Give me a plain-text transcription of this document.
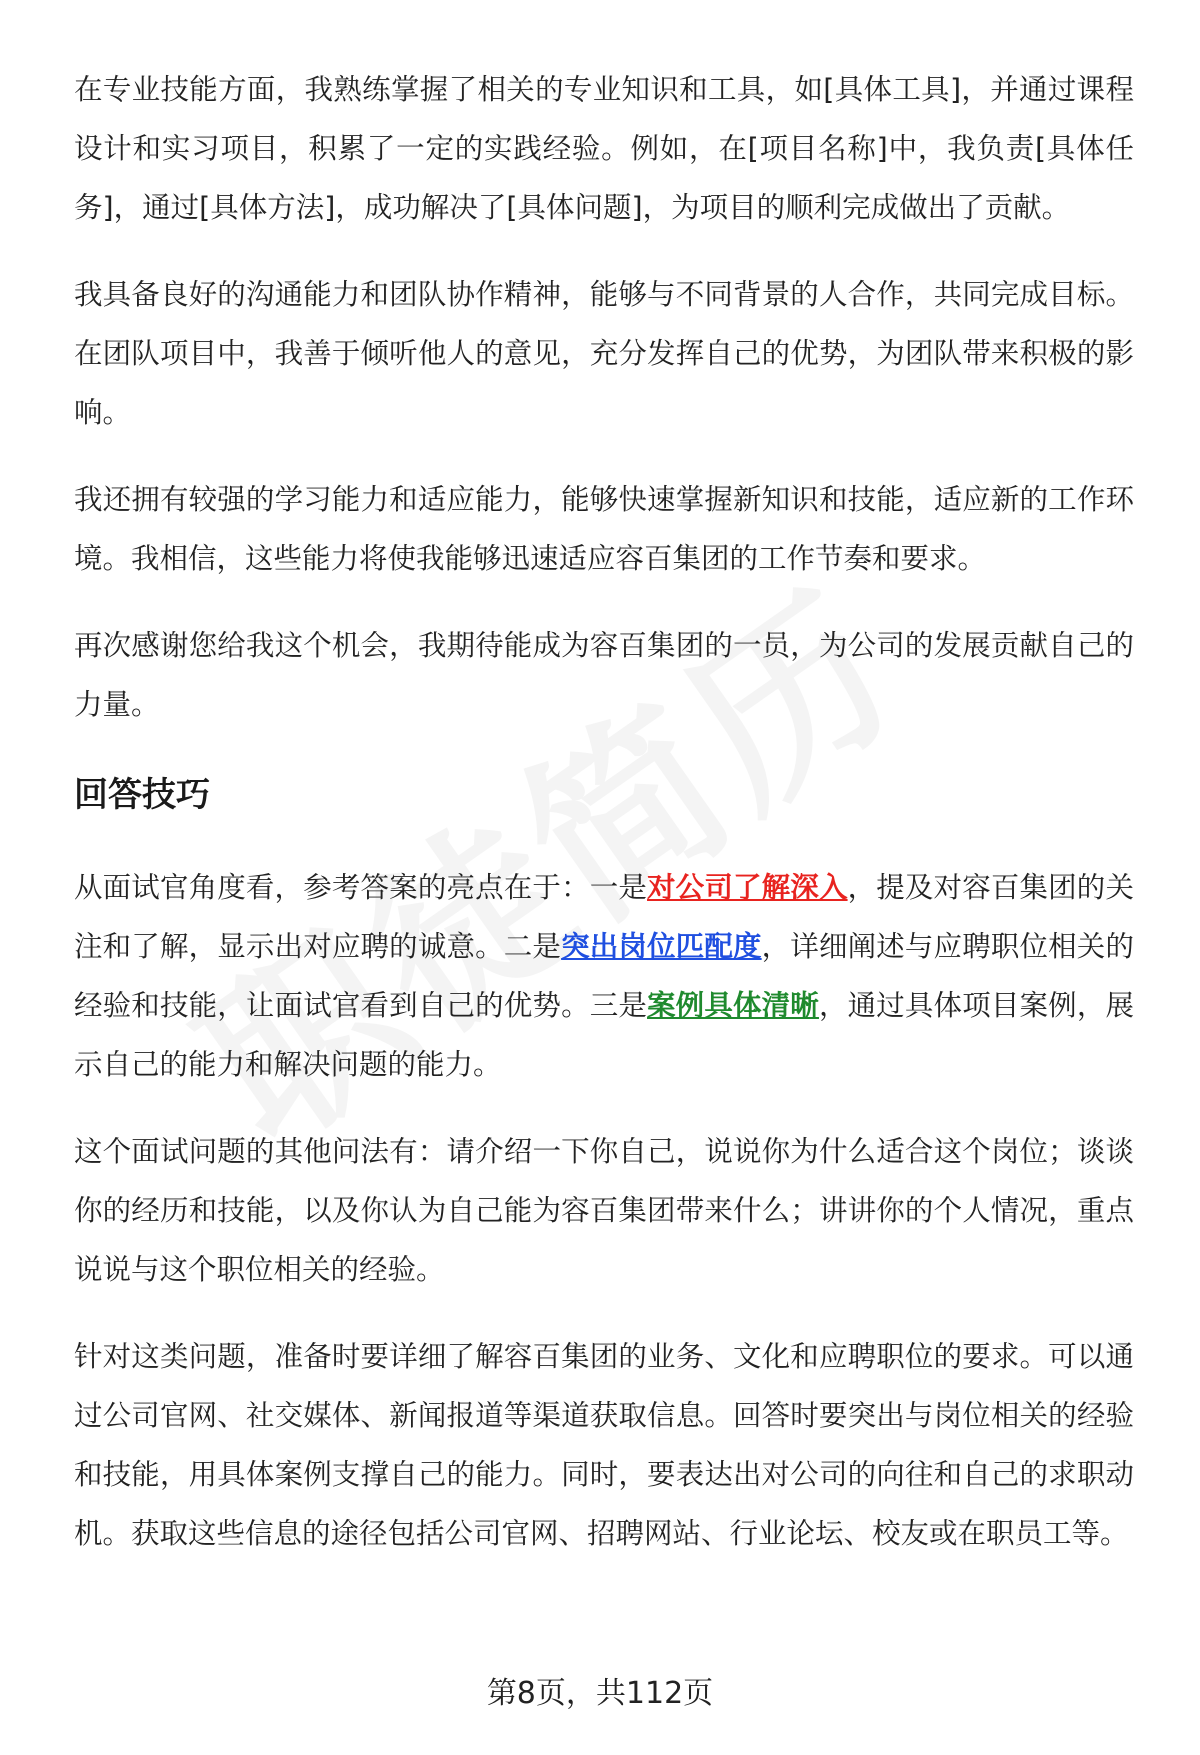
在专业技能方面，我熟练掌握了相关的专业知识和工具，如[具体工具]，并通过课程设计和实习项目，积累了一定的实践经验。例如，在[项目名称]中，我负责[具体任务]，通过[具体方法]，成功解决了[具体问题]，为项目的顺利完成做出了贡献。

我具备良好的沟通能力和团队协作精神，能够与不同背景的人合作，共同完成目标。在团队项目中，我善于倾听他人的意见，充分发挥自己的优势，为团队带来积极的影响。

我还拥有较强的学习能力和适应能力，能够快速掌握新知识和技能，适应新的工作环境。我相信，这些能力将使我能够迅速适应容百集团的工作节奏和要求。

再次感谢您给我这个机会，我期待能成为容百集团的一员，为公司的发展贡献自己的力量。

回答技巧

从面试官角度看，参考答案的亮点在于：一是对公司了解深入，提及对容百集团的关注和了解，显示出对应聘的诚意。二是突出岗位匹配度，详细阐述与应聘职位相关的经验和技能，让面试官看到自己的优势。三是案例具体清晰，通过具体项目案例，展示自己的能力和解决问题的能力。

这个面试问题的其他问法有：请介绍一下你自己，说说你为什么适合这个岗位；谈谈你的经历和技能，以及你认为自己能为容百集团带来什么；讲讲你的个人情况，重点说说与这个职位相关的经验。

针对这类问题，准备时要详细了解容百集团的业务、文化和应聘职位的要求。可以通过公司官网、社交媒体、新闻报道等渠道获取信息。回答时要突出与岗位相关的经验和技能，用具体案例支撑自己的能力。同时，要表达出对公司的向往和自己的求职动机。获取这些信息的途径包括公司官网、招聘网站、行业论坛、校友或在职员工等。

第8页，共112页
